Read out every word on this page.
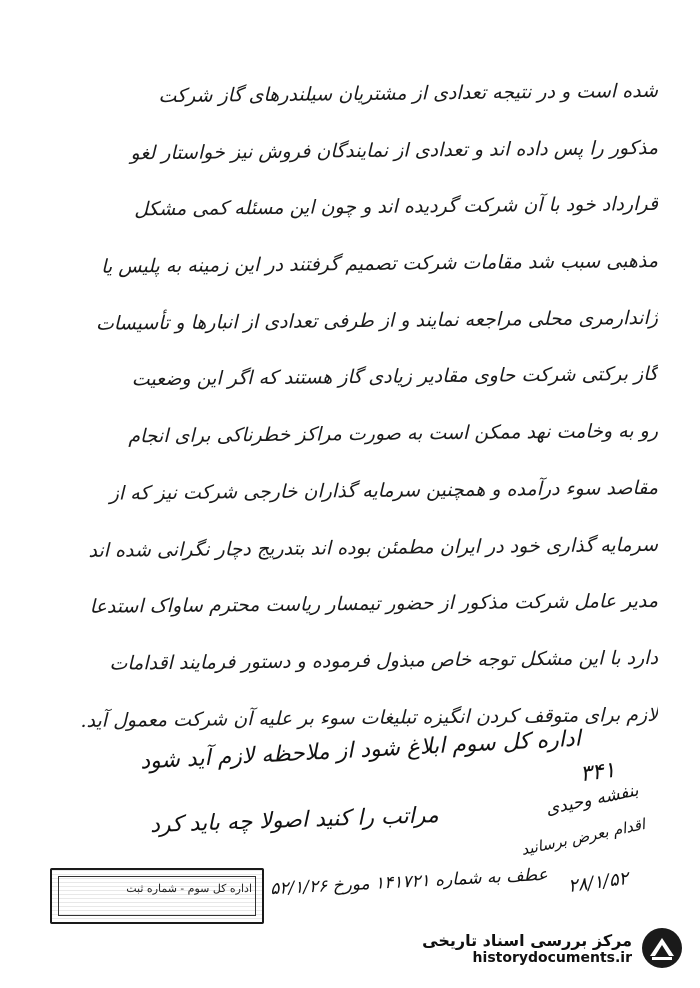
شده است و در نتیجه تعدادی از مشتریان سیلندرهای گاز شرکت
مذکور را پس داده اند و تعدادی از نمایندگان فروش نیز خواستار لغو
قرارداد خود با آن شرکت گردیده اند و چون این مسئله کمی مشکل
مذهبی سبب شد مقامات شرکت تصمیم گرفتند در این زمینه به پلیس یا
ژاندارمری محلی مراجعه نمایند و از طرفی تعدادی از انبارها و تأسیسات
گاز برکتی شرکت حاوی مقادیر زیادی گاز هستند که اگر این وضعیت
رو به وخامت نهد ممکن است به صورت مراکز خطرناکی برای انجام
مقاصد سوء درآمده و همچنین سرمایه گذاران خارجی شرکت نیز که از
سرمایه گذاری خود در ایران مطمئن بوده اند بتدریج دچار نگرانی شده اند
مدیر عامل شرکت مذکور از حضور تیمسار ریاست محترم ساواک استدعا
دارد با این مشکل توجه خاص مبذول فرموده و دستور فرمایند اقدامات
لازم برای متوقف کردن انگیزه تبلیغات سوء بر علیه آن شرکت معمول آید.
اداره کل سوم ابلاغ شود از ملاحظه لازم آید شود
مراتب را کنید اصولا چه باید کرد
۳۴۱
بنفشه وحیدی
اقدام بعرض برسانید
۲۸/۱/۵۲
عطف به شماره ۱۴۱۷۲۱ مورخ ۵۲/۱/۲۶
اداره کل سوم - شماره ثبت
مرکز بررسی اسناد تاریخی
historydocuments.ir
